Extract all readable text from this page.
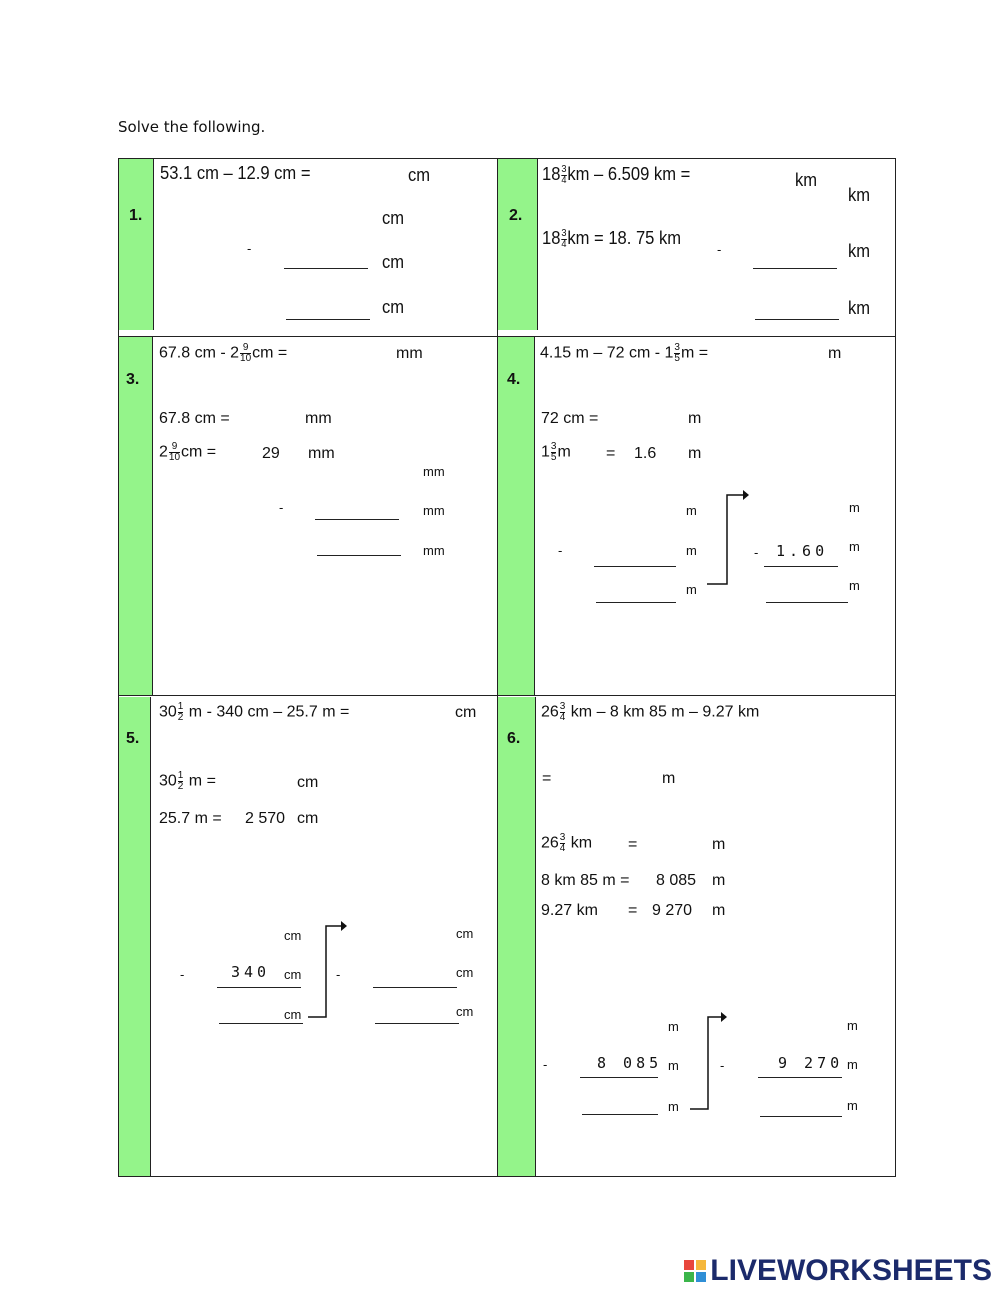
Solve the following.
1.
53.1 cm – 12.9 cm =	cm
cm
-
cm
cm
2.
$18 \frac{3}{4}$ km – 6.509 km =	km
$18 \frac{3}{4}$ km = 18. 75 km
km
-	km
km
3.
67.8 cm - $2 \frac{9}{10}$ cm =	mm
67.8 cm =	mm
$2 \frac{9}{10}$ cm =	29 mm
mm
-	mm
mm
4.
4.15 m – 72 cm - $1 \frac{3}{5}$ m =	m
72 cm =	m
$1 \frac{3}{5}$ m = 1.6 m
m
-	m
m
- 1.60
m
m
m
5.
$30 \frac{1}{2}$ m - 340 cm – 25.7 m =	cm
$30 \frac{1}{2}$ m =	cm
25.7 m = 2 570 cm
cm
-	340 cm
cm
-
cm
cm
cm
6.
$26 \frac{3}{4}$ km – 8 km 85 m – 9.27 km
=	m
$26 \frac{3}{4}$ km =	m
8 km 85 m = 8 085 m
9.27 km = 9 270 m
m
-	8 085 m
m
-	9 270
m
m
m
LIVEWORKSHEETS
